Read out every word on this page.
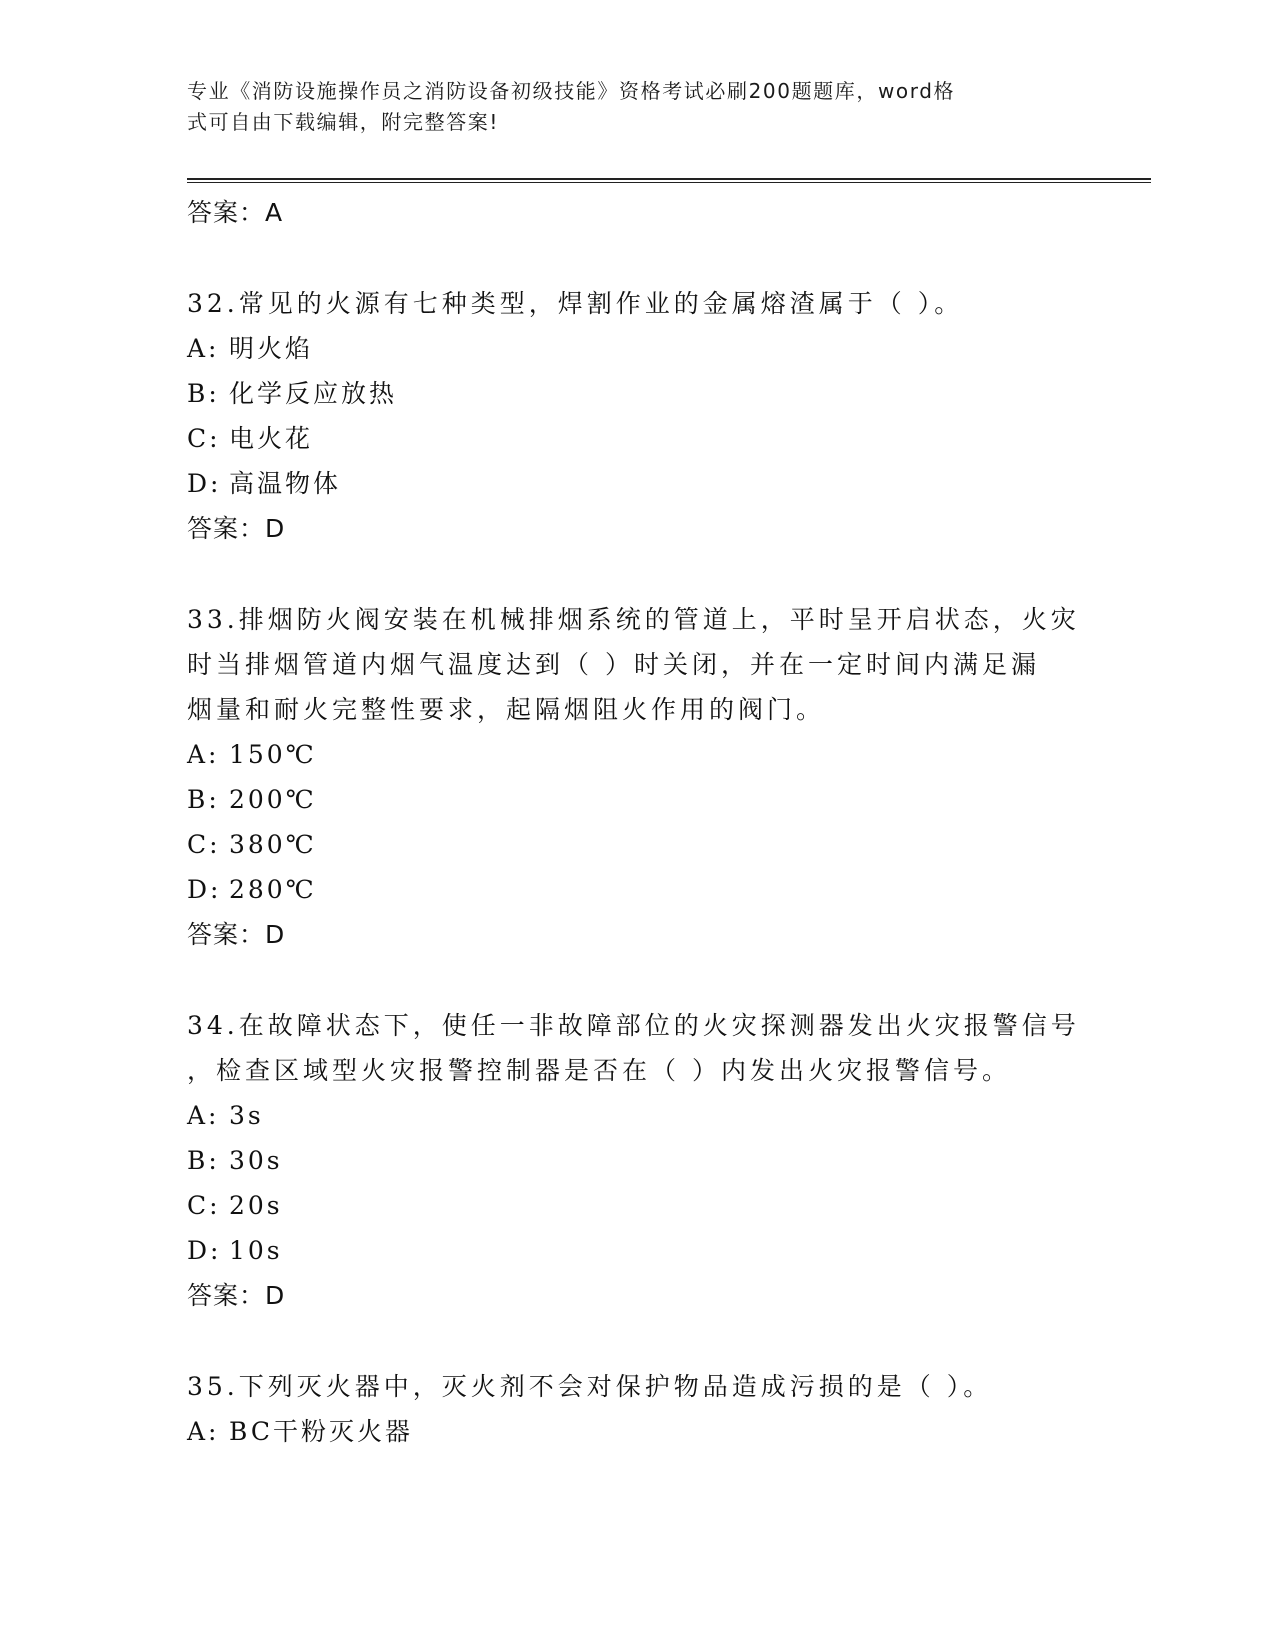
专业《消防设施操作员之消防设备初级技能》资格考试必刷200题题库，word格
式可自由下载编辑，附完整答案!
答案：A
32.常见的火源有七种类型，焊割作业的金属熔渣属于（ ）。
A: 明火焰
B: 化学反应放热
C: 电火花
D: 高温物体
答案：D
33.排烟防火阀安装在机械排烟系统的管道上，平时呈开启状态，火灾
时当排烟管道内烟气温度达到（ ）时关闭，并在一定时间内满足漏
烟量和耐火完整性要求，起隔烟阻火作用的阀门。
A: 150℃
B: 200℃
C: 380℃
D: 280℃
答案：D
34.在故障状态下，使任一非故障部位的火灾探测器发出火灾报警信号
，检查区域型火灾报警控制器是否在（ ）内发出火灾报警信号。
A: 3s
B: 30s
C: 20s
D: 10s
答案：D
35.下列灭火器中，灭火剂不会对保护物品造成污损的是（ ）。
A: BC干粉灭火器
